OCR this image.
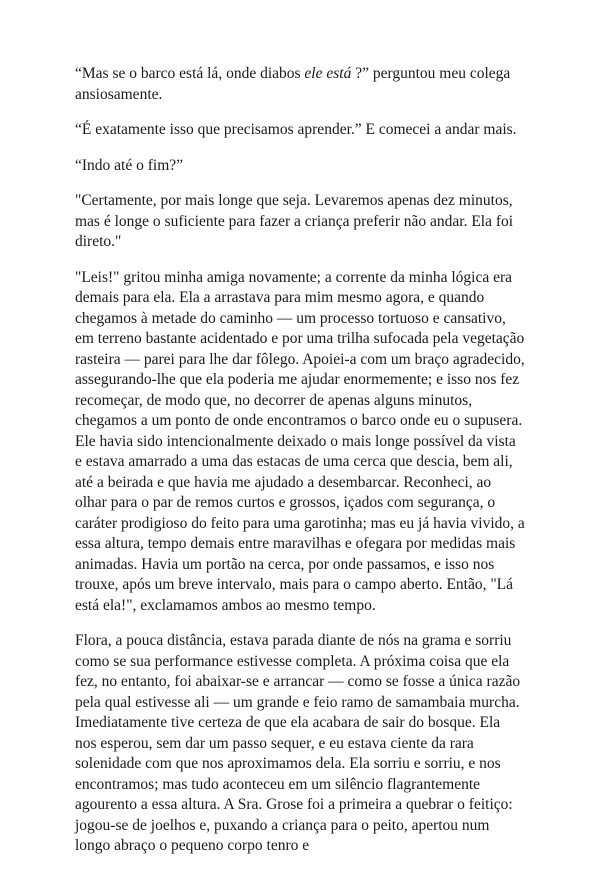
“Mas se o barco está lá, onde diabos ele está ?” perguntou meu colega ansiosamente.

“É exatamente isso que precisamos aprender.” E comecei a andar mais.

“Indo até o fim?”

"Certamente, por mais longe que seja. Levaremos apenas dez minutos, mas é longe o suficiente para fazer a criança preferir não andar. Ela foi direto."

"Leis!" gritou minha amiga novamente; a corrente da minha lógica era demais para ela. Ela a arrastava para mim mesmo agora, e quando chegamos à metade do caminho — um processo tortuoso e cansativo, em terreno bastante acidentado e por uma trilha sufocada pela vegetação rasteira — parei para lhe dar fôlego. Apoiei-a com um braço agradecido, assegurando-lhe que ela poderia me ajudar enormemente; e isso nos fez recomeçar, de modo que, no decorrer de apenas alguns minutos, chegamos a um ponto de onde encontramos o barco onde eu o supusera. Ele havia sido intencionalmente deixado o mais longe possível da vista e estava amarrado a uma das estacas de uma cerca que descia, bem ali, até a beirada e que havia me ajudado a desembarcar. Reconheci, ao olhar para o par de remos curtos e grossos, içados com segurança, o caráter prodigioso do feito para uma garotinha; mas eu já havia vivido, a essa altura, tempo demais entre maravilhas e ofegara por medidas mais animadas. Havia um portão na cerca, por onde passamos, e isso nos trouxe, após um breve intervalo, mais para o campo aberto. Então, "Lá está ela!", exclamamos ambos ao mesmo tempo.

Flora, a pouca distância, estava parada diante de nós na grama e sorriu como se sua performance estivesse completa. A próxima coisa que ela fez, no entanto, foi abaixar-se e arrancar — como se fosse a única razão pela qual estivesse ali — um grande e feio ramo de samambaia murcha. Imediatamente tive certeza de que ela acabara de sair do bosque. Ela nos esperou, sem dar um passo sequer, e eu estava ciente da rara solenidade com que nos aproximamos dela. Ela sorriu e sorriu, e nos encontramos; mas tudo aconteceu em um silêncio flagrantemente agourento a essa altura. A Sra. Grose foi a primeira a quebrar o feitiço: jogou-se de joelhos e, puxando a criança para o peito, apertou num longo abraço o pequeno corpo tenro e
